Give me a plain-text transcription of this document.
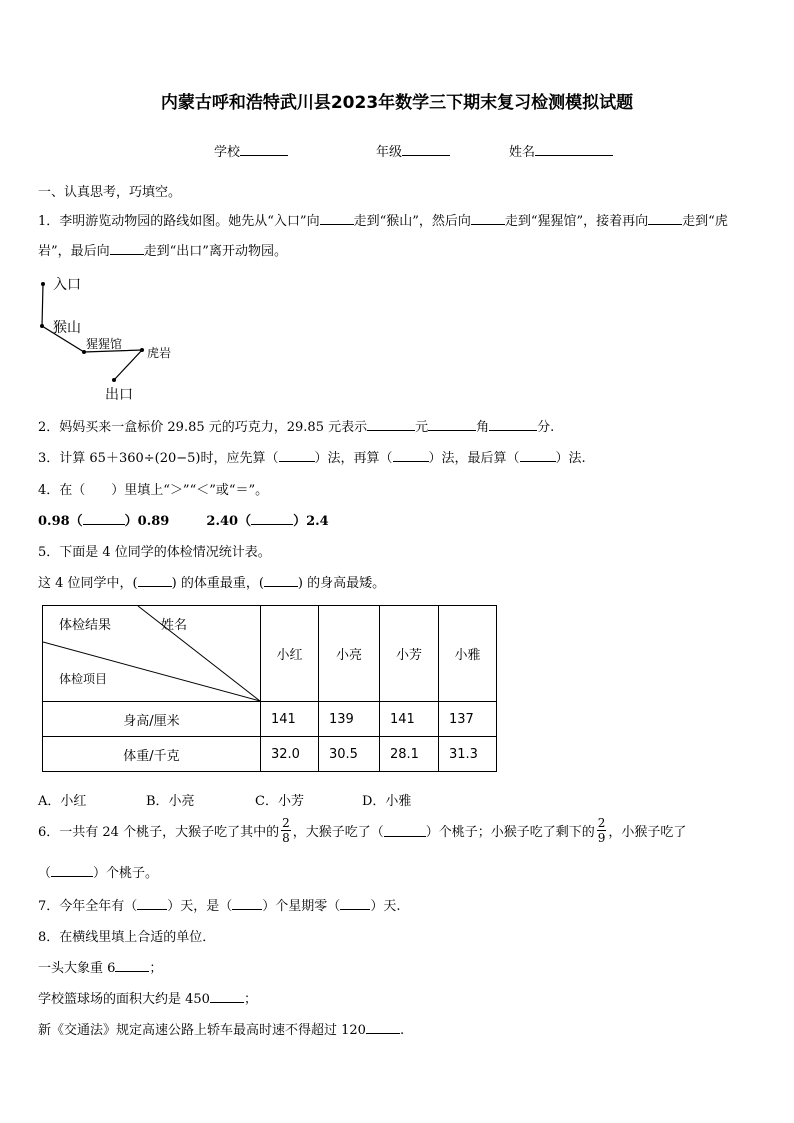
内蒙古呼和浩特武川县2023年数学三下期末复习检测模拟试题
学校	年级	姓名
一、认真思考，巧填空。
1．李明游览动物园的路线如图。她先从“入口”向	走到“猴山”，然后向	走到“猩猩馆”，接着再向	走到“虎
岩”，最后向	走到“出口”离开动物园。
入口
猴山
猩猩馆
虎岩
出口
2．妈妈买来一盒标价 29.85 元的巧克力，29.85 元表示	元	角	分.
3．计算 65＋360÷(20−5)时，应先算（	）法，再算（	）法，最后算（	）法.
4．在（　　）里填上“＞”“＜”或“＝”。
0.98（	）0.89	2.40（	）2.4
5．下面是 4 位同学的体检情况统计表。
这 4 位同学中，(	) 的体重最重，(	) 的身高最矮。
体检结果 姓名
体检项目	小红	小亮	小芳	小雅
身高/厘米	141	139	141	137
体重/千克	32.0	30.5	28.1	31.3
A．小红	B．小亮	C．小芳	D．小雅
6．一共有 24 个桃子，大猴子吃了其中的 $\frac{2}{8}$ ，大猴子吃了（	）个桃子；小猴子吃了剩下的 $\frac{2}{9}$ ，小猴子吃了
（	）个桃子。
7．今年全年有（ ）天，是（ ）个星期零（ ）天.
8．在横线里填上合适的单位．
一头大象重 6	；
学校篮球场的面积大约是 450	；
新《交通法》规定高速公路上轿车最高时速不得超过 120	.
